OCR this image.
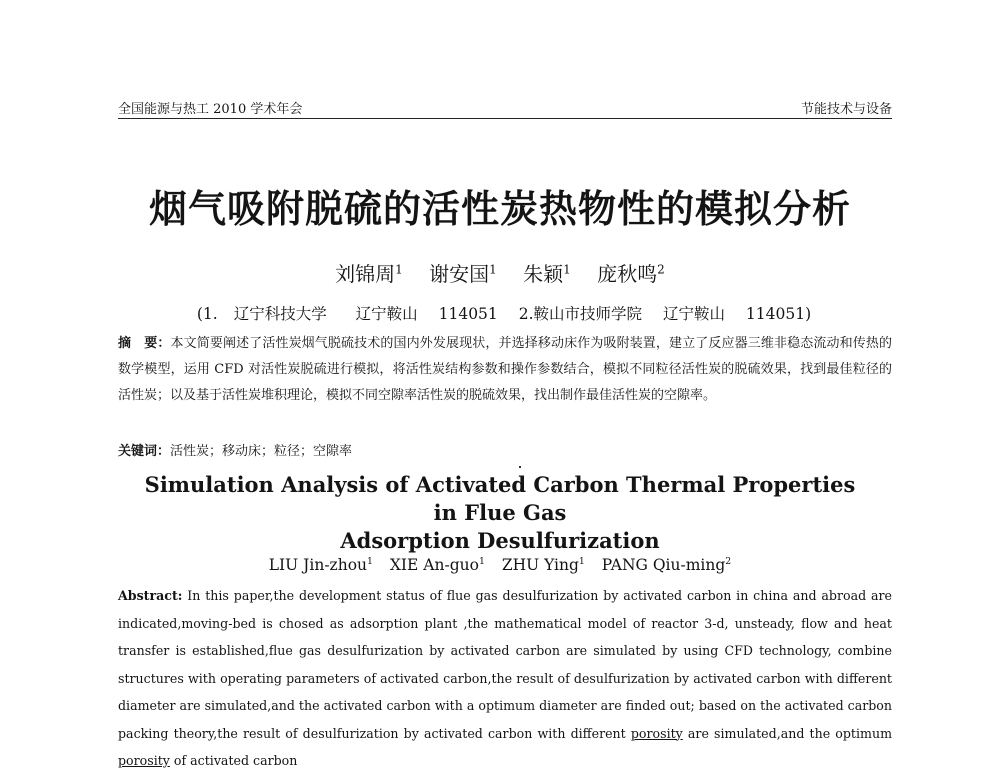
全国能源与热工 2010 学术年会	节能技术与设备
烟气吸附脱硫的活性炭热物性的模拟分析
刘锦周$^1$ 谢安国$^1$ 朱颖$^1$ 庞秋鸣$^2$
(1. 辽宁科技大学 辽宁鞍山 114051 2.鞍山市技师学院 辽宁鞍山 114051)
摘　要：本文简要阐述了活性炭烟气脱硫技术的国内外发展现状，并选择移动床作为吸附装置，建立了反应器三维非稳态流动和传热的数学模型，运用 CFD 对活性炭脱硫进行模拟，将活性炭结构参数和操作参数结合，模拟不同粒径活性炭的脱硫效果，找到最佳粒径的活性炭；以及基于活性炭堆积理论，模拟不同空隙率活性炭的脱硫效果，找出制作最佳活性炭的空隙率。
关键词：活性炭；移动床；粒径；空隙率
Simulation Analysis of Activated Carbon Thermal Properties in Flue Gas
Adsorption Desulfurization
LIU Jin-zhou$^1$ XIE An-guo$^1$ ZHU Ying$^1$ PANG Qiu-ming$^2$
Abstract: In this paper,the development status of flue gas desulfurization by activated carbon in china and abroad are indicated,moving-bed is chosed as adsorption plant ,the mathematical model of reactor 3-d, unsteady, flow and heat transfer is established,flue gas desulfurization by activated carbon are simulated by using CFD technology, combine structures with operating parameters of activated carbon,the result of desulfurization by activated carbon with different diameter are simulated,and the activated carbon with a optimum diameter are finded out; based on the activated carbon packing theory,the result of desulfurization by activated carbon with different porosity are simulated,and the optimum porosity of activated carbon
